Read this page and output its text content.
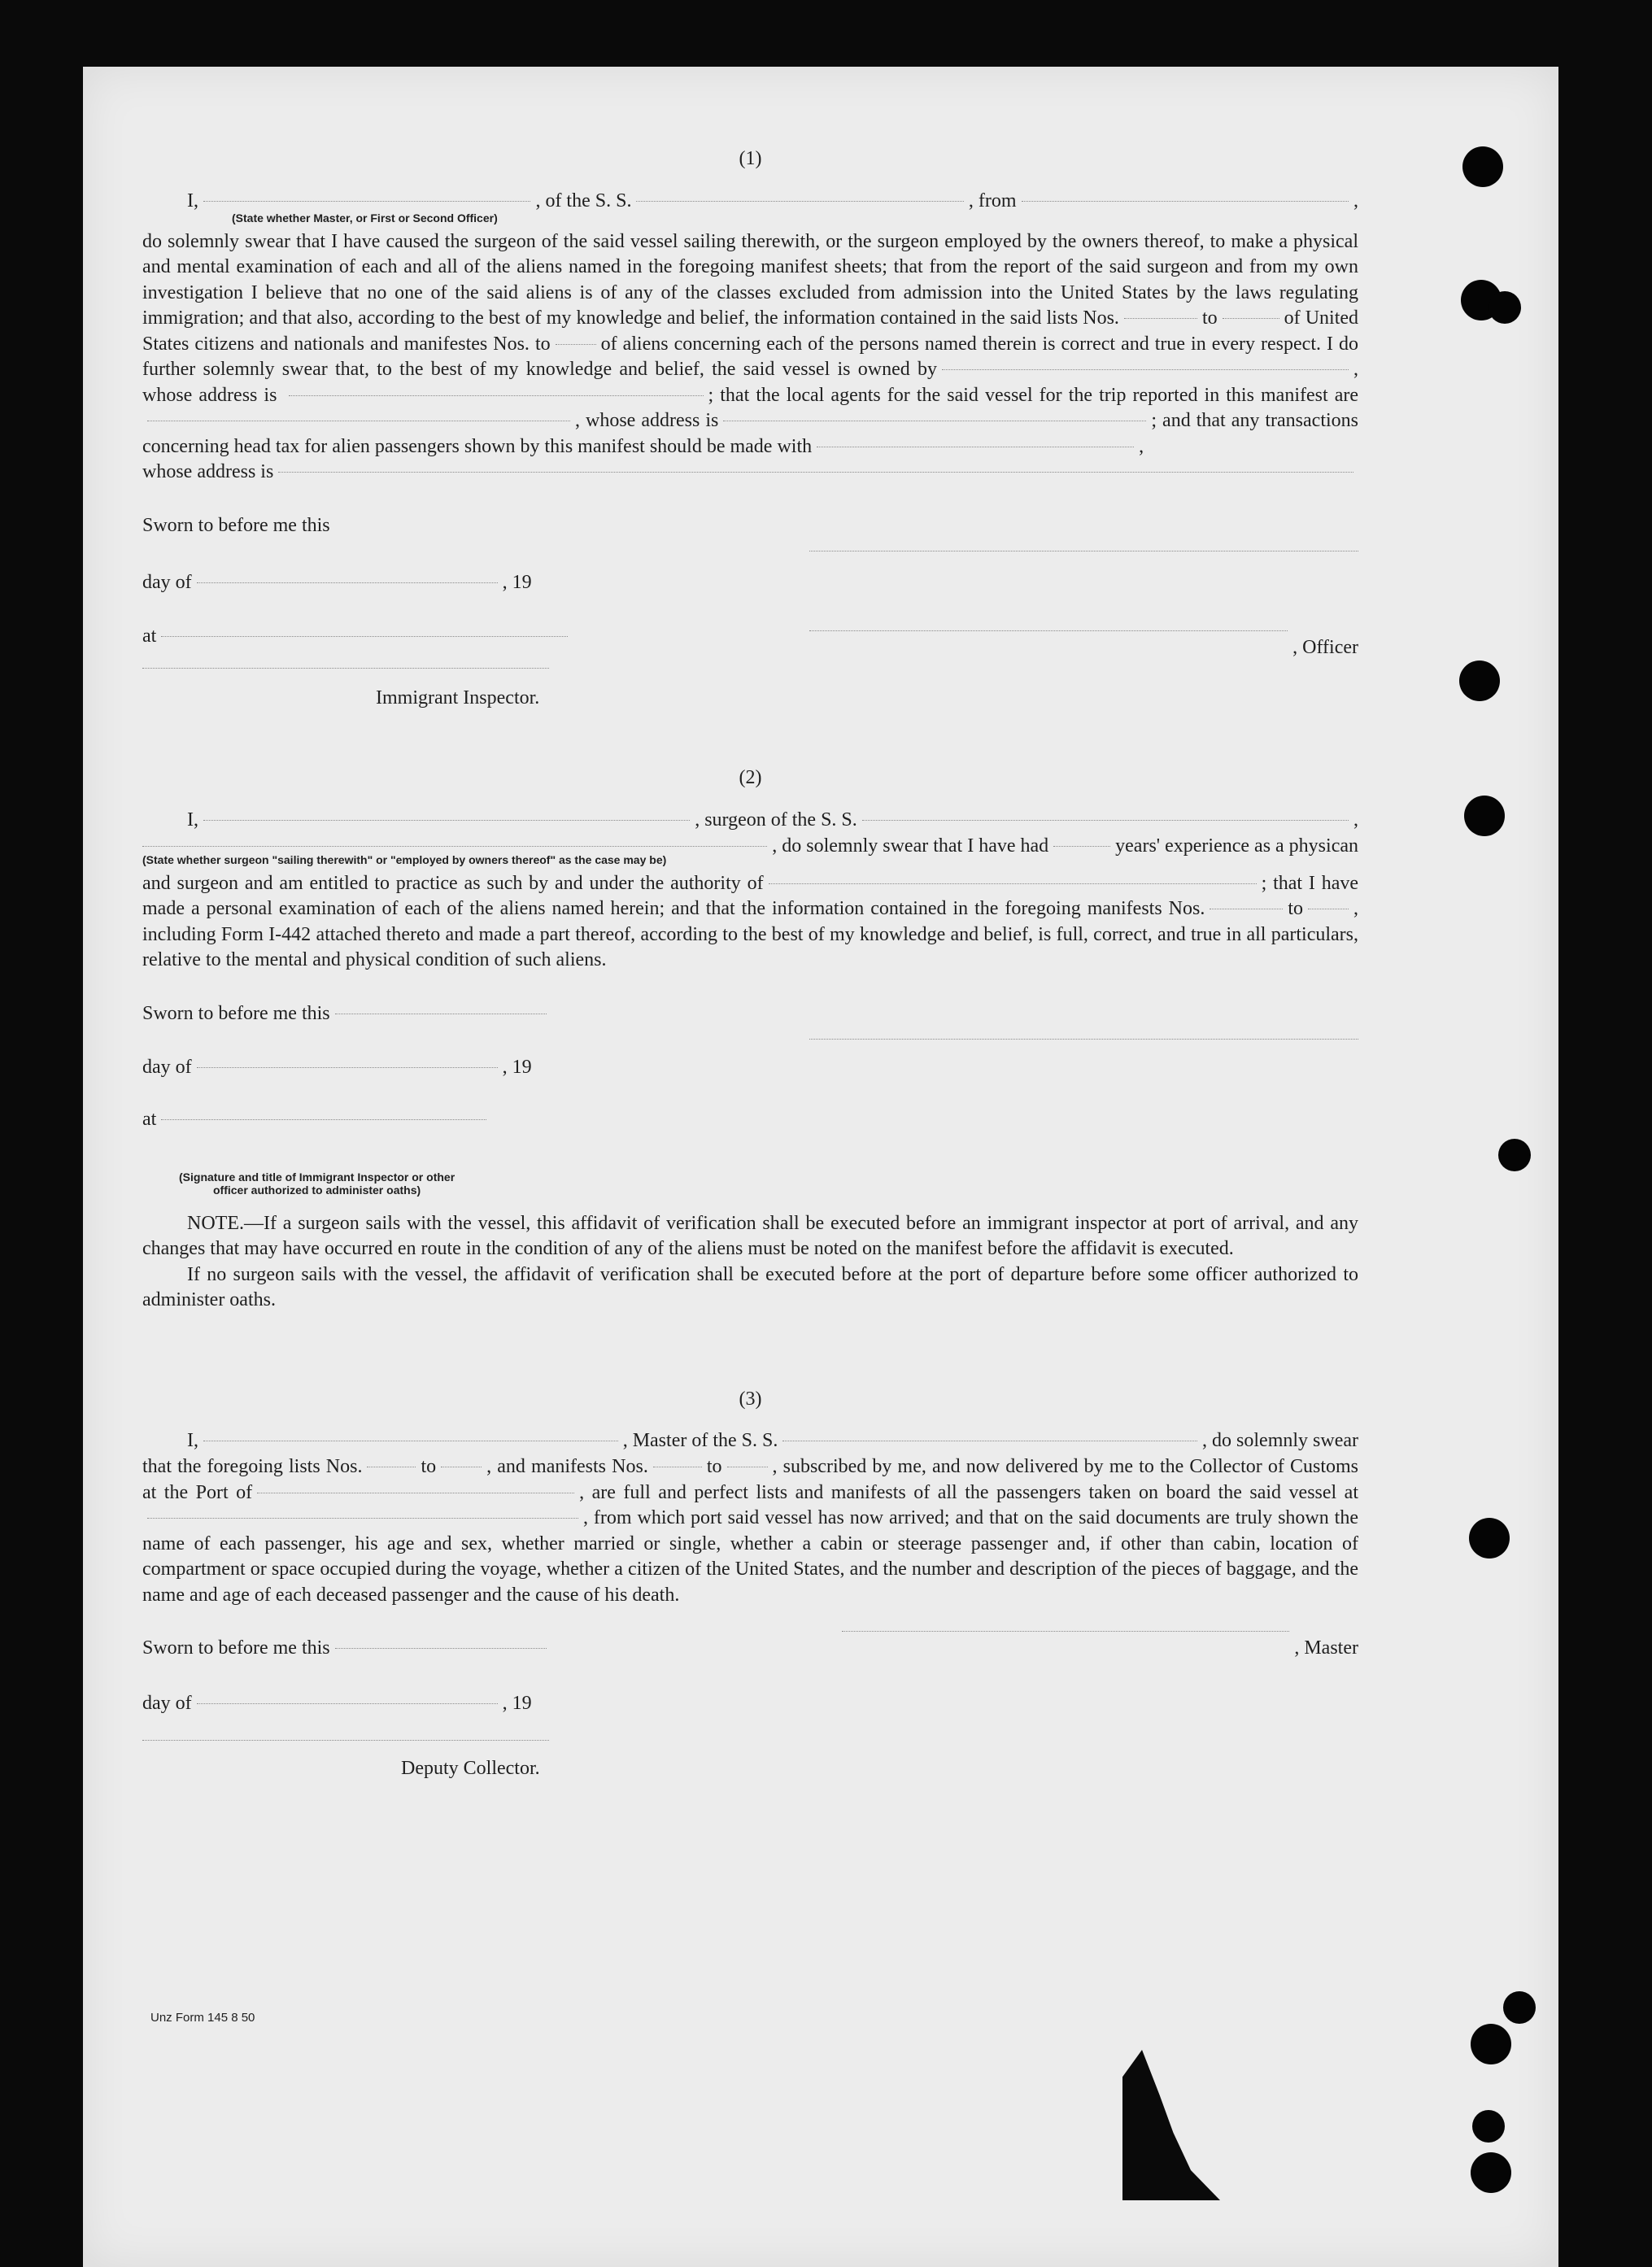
(1)
I,	, of the S. S.	, from	,
(State whether Master, or First or Second Officer)

do solemnly swear that I have caused the surgeon of the said vessel sailing therewith, or the surgeon employed by the owners thereof, to make a physical and mental examination of each and all of the aliens named in the foregoing manifest sheets; that from the report of the said surgeon and from my own investigation I believe that no one of the said aliens is of any of the classes excluded from admission into the United States by the laws regulating immigration; and that also, according to the best of my knowledge and belief, the information contained in the said lists Nos.	to	of United States citizens and nationals and manifestes Nos. to	of aliens concerning each of the persons named therein is correct and true in every respect. I do further solemnly swear that, to the best of my knowledge and belief, the said vessel is owned by	, whose address is	; that the local agents for the said vessel for the trip reported in this manifest are , whose address is	; and that any transactions concerning head tax for alien passengers shown by this manifest should be made with	,

whose address is
Sworn to before me this
day of	, 19
at
, Officer
Immigrant Inspector.
(2)
I,	, surgeon of the S. S.	,
, do solemnly swear that I have had	years' experience as a physican
(State whether surgeon "sailing therewith" or "employed by owners thereof" as the case may be)

and surgeon and am entitled to practice as such by and under the authority of	; that I have made a personal examination of each of the aliens named herein; and that the information contained in the foregoing manifests Nos.	to	, including Form I-442 attached thereto and made a part thereof, according to the best of my knowledge and belief, is full, correct, and true in all particulars, relative to the mental and physical condition of such aliens.

Sworn to before me this
day of	, 19
at
(Signature and title of Immigrant Inspector or other
officer authorized to administer oaths)

NOTE.—If a surgeon sails with the vessel, this affidavit of verification shall be executed before an immigrant inspector at port of arrival, and any changes that may have occurred en route in the condition of any of the aliens must be noted on the manifest before the affidavit is executed.

If no surgeon sails with the vessel, the affidavit of verification shall be executed before at the port of departure before some officer authorized to administer oaths.

(3)
I,	, Master of the S. S.	, do solemnly swear

that the foregoing lists Nos.	to	, and manifests Nos.	to	, subscribed by me, and now delivered by me to the Collector of Customs at the Port of	, are full and perfect lists and manifests of all the passengers taken on board the said vessel at, from which port said vessel has now arrived; and that on the said documents are truly shown the name of each passenger, his age and sex, whether married or single, whether a cabin or steerage passenger and, if other than cabin, location of compartment or space occupied during the voyage, whether a citizen of the United States, and the number and description of the pieces of baggage, and the name and age of each deceased passenger and the cause of his death.

Sworn to before me this	, Master
day of	, 19
Deputy Collector.
Unz Form 145 8 50
